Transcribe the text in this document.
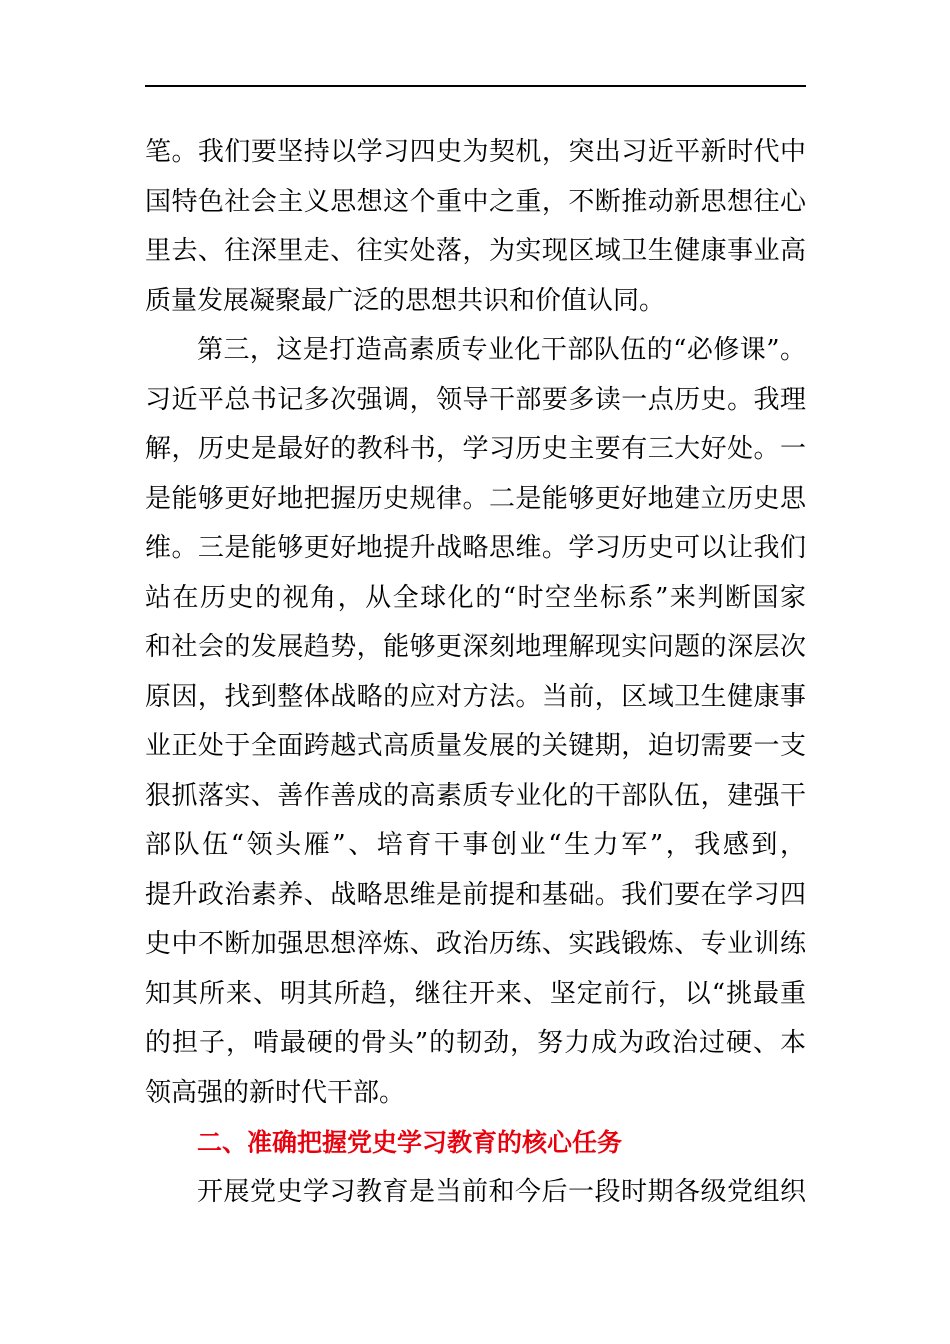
笔。我们要坚持以学习四史为契机，突出习近平新时代中
国特色社会主义思想这个重中之重，不断推动新思想往心
里去、往深里走、往实处落，为实现区域卫生健康事业高
质量发展凝聚最广泛的思想共识和价值认同。
第三，这是打造高素质专业化干部队伍的“必修课”。
习近平总书记多次强调，领导干部要多读一点历史。我理
解，历史是最好的教科书，学习历史主要有三大好处。一
是能够更好地把握历史规律。二是能够更好地建立历史思
维。三是能够更好地提升战略思维。学习历史可以让我们
站在历史的视角，从全球化的“时空坐标系”来判断国家
和社会的发展趋势，能够更深刻地理解现实问题的深层次
原因，找到整体战略的应对方法。当前，区域卫生健康事
业正处于全面跨越式高质量发展的关键期，迫切需要一支
狠抓落实、善作善成的高素质专业化的干部队伍，建强干
部队伍“领头雁”、培育干事创业“生力军”，我感到，
提升政治素养、战略思维是前提和基础。我们要在学习四
史中不断加强思想淬炼、政治历练、实践锻炼、专业训练
知其所来、明其所趋，继往开来、坚定前行，以“挑最重
的担子，啃最硬的骨头”的韧劲，努力成为政治过硬、本
领高强的新时代干部。
二、准确把握党史学习教育的核心任务
开展党史学习教育是当前和今后一段时期各级党组织
